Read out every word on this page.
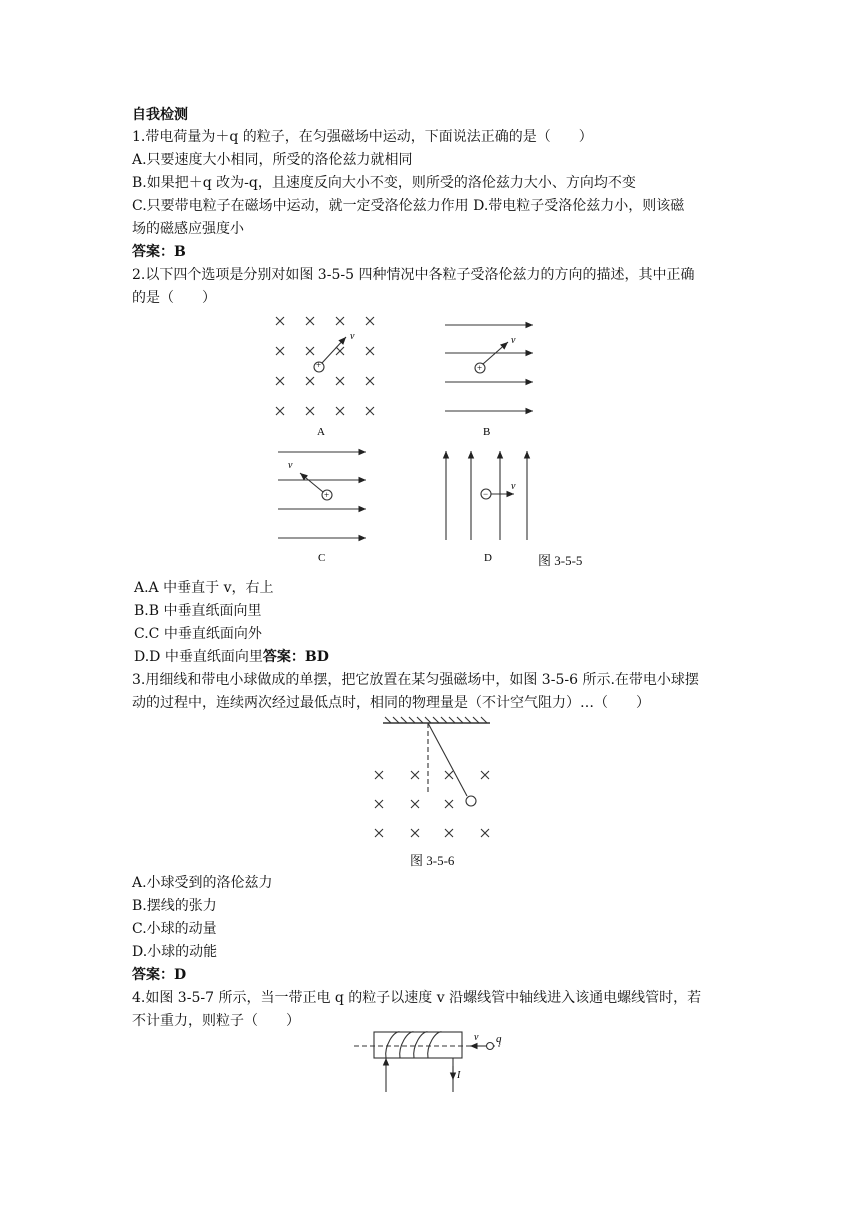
自我检测
1.带电荷量为＋q 的粒子，在匀强磁场中运动，下面说法正确的是（　　）
A.只要速度大小相同，所受的洛伦兹力就相同
B.如果把＋q 改为-q，且速度反向大小不变，则所受的洛伦兹力大小、方向均不变
C.只要带电粒子在磁场中运动，就一定受洛伦兹力作用 D.带电粒子受洛伦兹力小，则该磁
场的磁感应强度小
答案：B
2.以下四个选项是分别对如图 3-5-5 四种情况中各粒子受洛伦兹力的方向的描述，其中正确
的是（　　）
+
v
A
+
v
B
+
v
C
−
v
D	图 3-5-5
A.A 中垂直于 v，右上
B.B 中垂直纸面向里
C.C 中垂直纸面向外
D.D 中垂直纸面向里答案：BD
3.用细线和带电小球做成的单摆，把它放置在某匀强磁场中，如图 3-5-6 所示.在带电小球摆
动的过程中，连续两次经过最低点时，相同的物理量是（不计空气阻力）…（　　）
图 3-5-6
A.小球受到的洛伦兹力
B.摆线的张力
C.小球的动量
D.小球的动能
答案：D
4.如图 3-5-7 所示，当一带正电 q 的粒子以速度 v 沿螺线管中轴线进入该通电螺线管时，若
不计重力，则粒子（　　）
v q
I
